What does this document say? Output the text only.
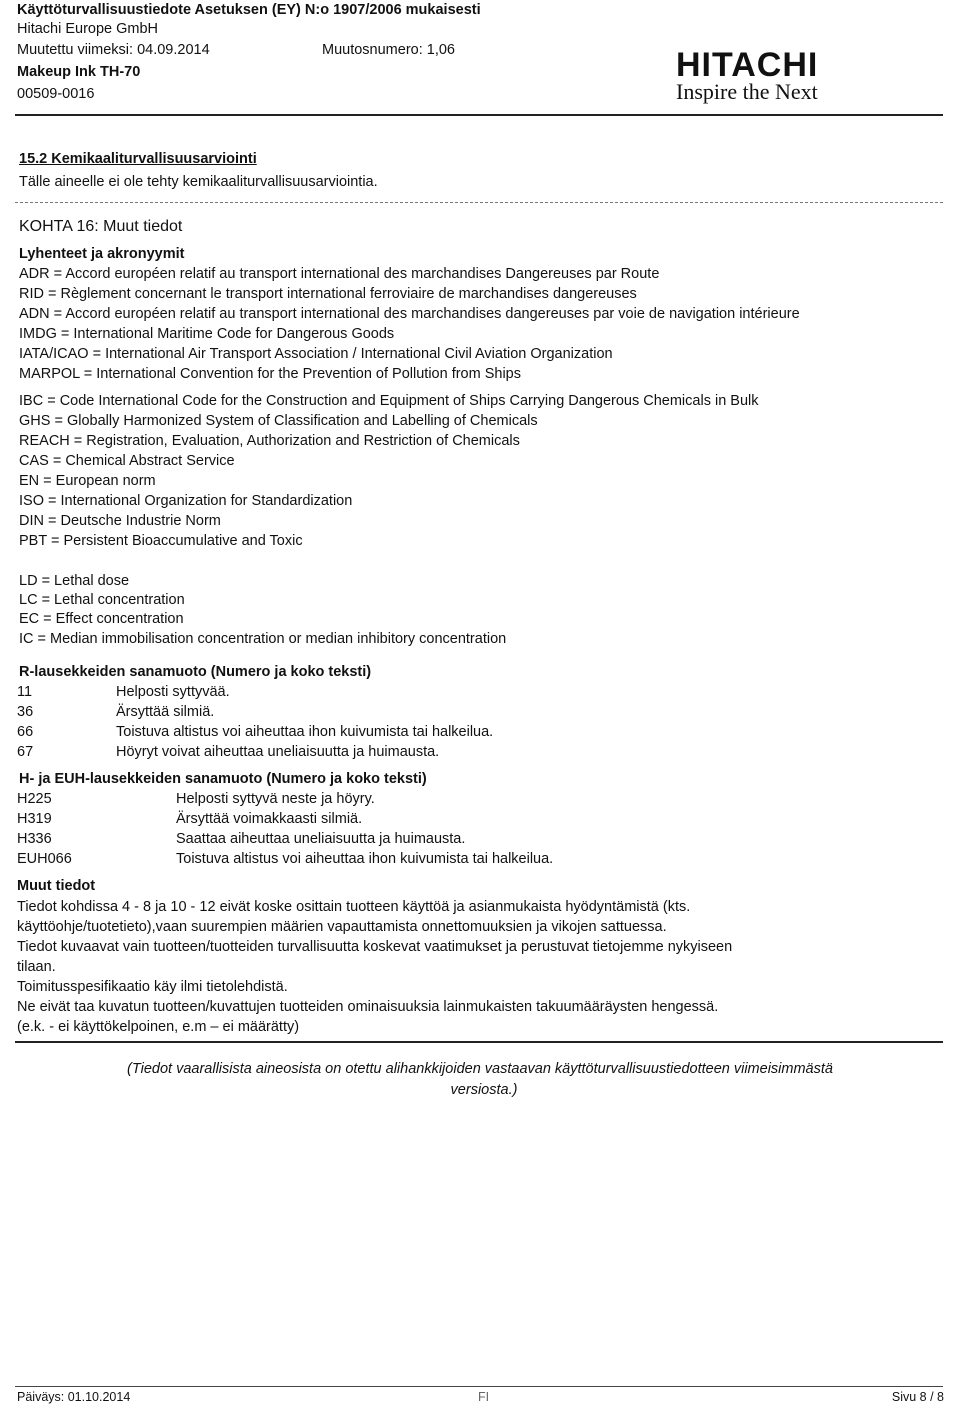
Käyttöturvallisuustiedote Asetuksen (EY) N:o 1907/2006 mukaisesti
Hitachi Europe GmbH
Muutettu viimeksi: 04.09.2014	Muutosnumero: 1,06
Makeup Ink TH-70
00509-0016
HITACHI
Inspire the Next
15.2 Kemikaaliturvallisuusarviointi
Tälle aineelle ei ole tehty kemikaaliturvallisuusarviointia.
KOHTA 16: Muut tiedot
Lyhenteet ja akronyymit
ADR = Accord européen relatif au transport international des marchandises Dangereuses par Route
RID = Règlement concernant le transport international ferroviaire de marchandises dangereuses
ADN = Accord européen relatif au transport international des marchandises dangereuses par voie de navigation intérieure
IMDG = International Maritime Code for Dangerous Goods
IATA/ICAO = International Air Transport Association / International Civil Aviation Organization
MARPOL = International Convention for the Prevention of Pollution from Ships
IBC = Code International Code for the Construction and Equipment of Ships Carrying Dangerous Chemicals in Bulk
GHS = Globally Harmonized System of Classification and Labelling of Chemicals
REACH = Registration, Evaluation, Authorization and Restriction of Chemicals
CAS = Chemical Abstract Service
EN = European norm
ISO = International Organization for Standardization
DIN = Deutsche Industrie Norm
PBT = Persistent Bioaccumulative and Toxic
LD = Lethal dose
LC = Lethal concentration
EC = Effect concentration
IC = Median immobilisation concentration or median inhibitory concentration
R-lausekkeiden sanamuoto (Numero ja koko teksti)
11	Helposti syttyvää.
36	Ärsyttää silmiä.
66	Toistuva altistus voi aiheuttaa ihon kuivumista tai halkeilua.
67	Höyryt voivat aiheuttaa uneliaisuutta ja huimausta.
H- ja EUH-lausekkeiden sanamuoto (Numero ja koko teksti)
H225	Helposti syttyvä neste ja höyry.
H319	Ärsyttää voimakkaasti silmiä.
H336	Saattaa aiheuttaa uneliaisuutta ja huimausta.
EUH066	Toistuva altistus voi aiheuttaa ihon kuivumista tai halkeilua.
Muut tiedot
Tiedot kohdissa 4 - 8 ja 10 - 12 eivät koske osittain tuotteen käyttöä ja asianmukaista hyödyntämistä (kts.
käyttöohje/tuotetieto),vaan suurempien määrien vapauttamista onnettomuuksien ja vikojen sattuessa.
Tiedot kuvaavat vain tuotteen/tuotteiden turvallisuutta koskevat vaatimukset ja perustuvat tietojemme nykyiseen
tilaan.
Toimitusspesifikaatio käy ilmi tietolehdistä.
Ne eivät taa kuvatun tuotteen/kuvattujen tuotteiden ominaisuuksia lainmukaisten takuumääräysten hengessä.
(e.k. - ei käyttökelpoinen, e.m – ei määrätty)
(Tiedot vaarallisista aineosista on otettu alihankkijoiden vastaavan käyttöturvallisuustiedotteen viimeisimmästä
versiosta.)
Päiväys: 01.10.2014	FI	Sivu 8 / 8
